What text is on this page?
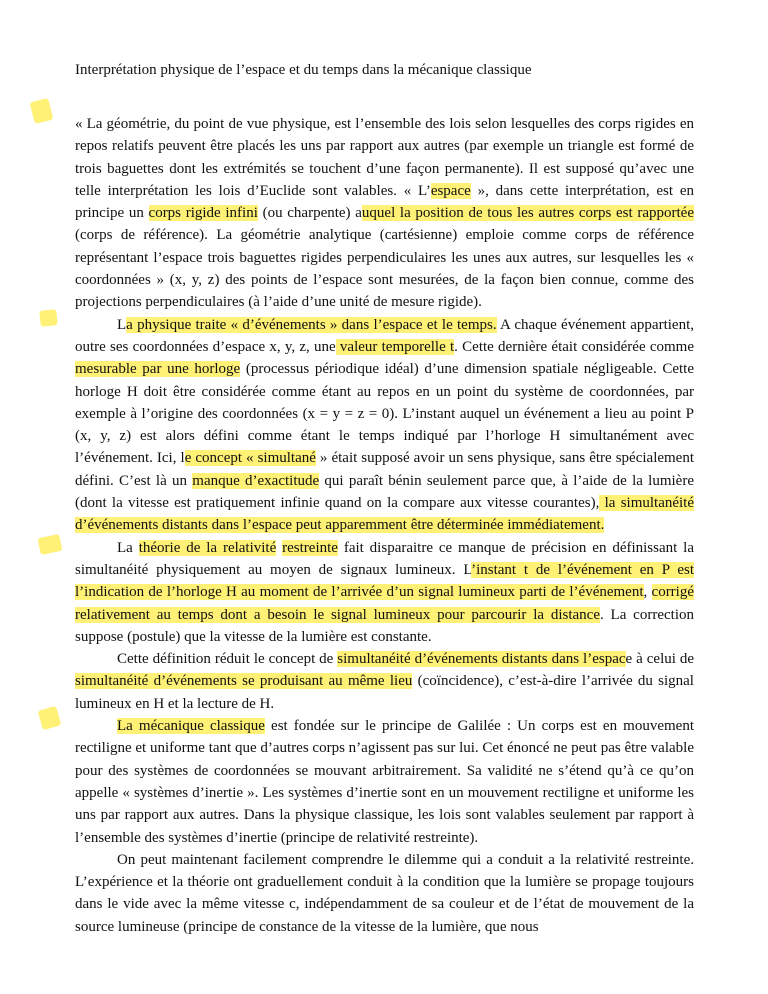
Interprétation physique de l’espace et du temps dans la mécanique classique

« La géométrie, du point de vue physique, est l’ensemble des lois selon lesquelles des corps rigides en repos relatifs peuvent être placés les uns par rapport aux autres (par exemple un triangle est formé de trois baguettes dont les extrémités se touchent d’une façon permanente). Il est supposé qu’avec une telle interprétation les lois d’Euclide sont valables. « L’espace », dans cette interprétation, est en principe un corps rigide infini (ou charpente) auquel la position de tous les autres corps est rapportée (corps de référence). La géométrie analytique (cartésienne) emploie comme corps de référence représentant l’espace trois baguettes rigides perpendiculaires les unes aux autres, sur lesquelles les « coordonnées » (x, y, z) des points de l’espace sont mesurées, de la façon bien connue, comme des projections perpendiculaires (à l’aide d’une unité de mesure rigide).

La physique traite « d’événements » dans l’espace et le temps. A chaque événement appartient, outre ses coordonnées d’espace x, y, z, une valeur temporelle t. Cette dernière était considérée comme mesurable par une horloge (processus périodique idéal) d’une dimension spatiale négligeable. Cette horloge H doit être considérée comme étant au repos en un point du système de coordonnées, par exemple à l’origine des coordonnées (x = y = z = 0). L’instant auquel un événement a lieu au point P (x, y, z) est alors défini comme étant le temps indiqué par l’horloge H simultanément avec l’événement. Ici, le concept « simultané » était supposé avoir un sens physique, sans être spécialement défini. C’est là un manque d’exactitude qui paraît bénin seulement parce que, à l’aide de la lumière (dont la vitesse est pratiquement infinie quand on la compare aux vitesse courantes), la simultanéité d’événements distants dans l’espace peut apparemment être déterminée immédiatement.

La théorie de la relativité restreinte fait disparaitre ce manque de précision en définissant la simultanéité physiquement au moyen de signaux lumineux. L’instant t de l’événement en P est l’indication de l’horloge H au moment de l’arrivée d’un signal lumineux parti de l’événement, corrigé relativement au temps dont a besoin le signal lumineux pour parcourir la distance. La correction suppose (postule) que la vitesse de la lumière est constante.

Cette définition réduit le concept de simultanéité d’événements distants dans l’espace à celui de simultanéité d’événements se produisant au même lieu (coïncidence), c’est-à-dire l’arrivée du signal lumineux en H et la lecture de H.

La mécanique classique est fondée sur le principe de Galilée : Un corps est en mouvement rectiligne et uniforme tant que d’autres corps n’agissent pas sur lui. Cet énoncé ne peut pas être valable pour des systèmes de coordonnées se mouvant arbitrairement. Sa validité ne s’étend qu’à ce qu’on appelle « systèmes d’inertie ». Les systèmes d’inertie sont en un mouvement rectiligne et uniforme les uns par rapport aux autres. Dans la physique classique, les lois sont valables seulement par rapport à l’ensemble des systèmes d’inertie (principe de relativité restreinte).

On peut maintenant facilement comprendre le dilemme qui a conduit a la relativité restreinte. L’expérience et la théorie ont graduellement conduit à la condition que la lumière se propage toujours dans le vide avec la même vitesse c, indépendamment de sa couleur et de l’état de mouvement de la source lumineuse (principe de constance de la vitesse de la lumière, que nous
